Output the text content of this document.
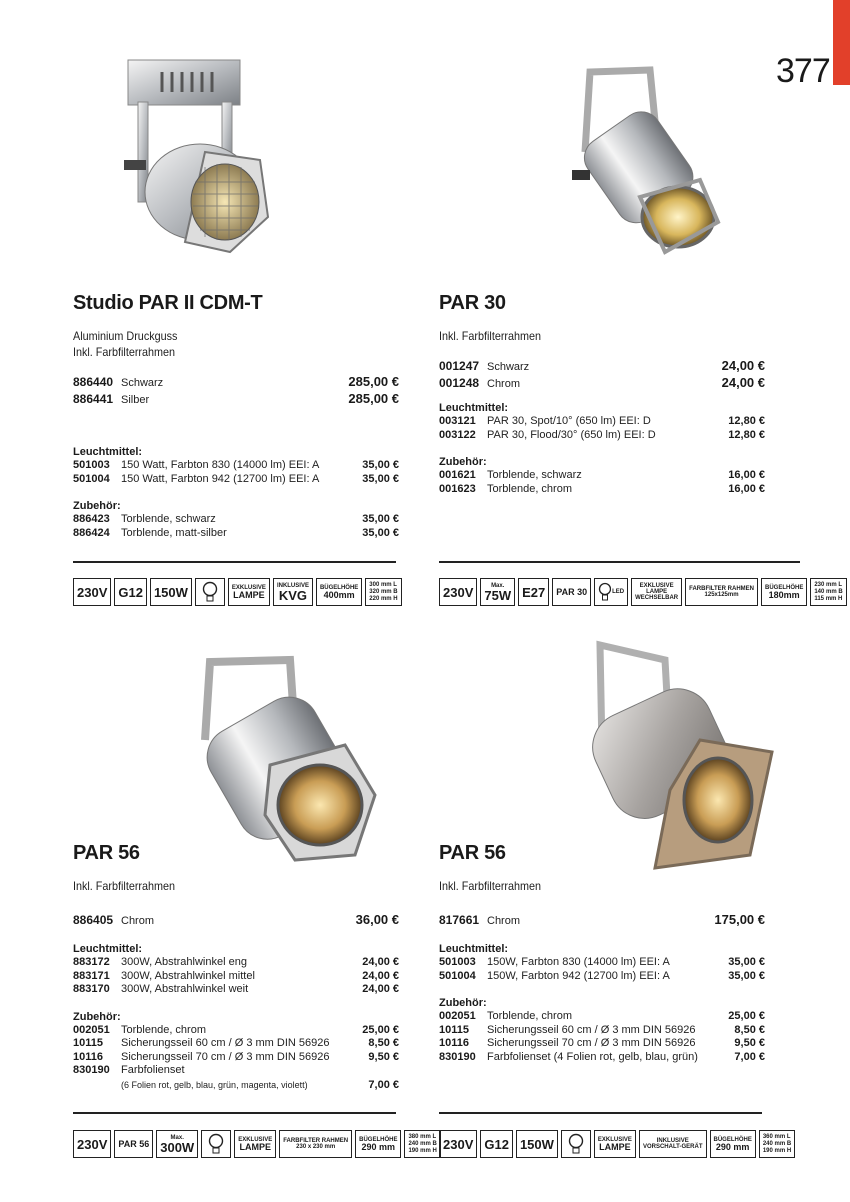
377
Studio PAR II CDM-T
Aluminium Druckguss
Inkl. Farbfilterrahmen
886440 Schwarz	285,00 €
886441 Silber	285,00 €
Leuchtmittel:
501003	150 Watt, Farbton 830 (14000 lm) EEI: A	35,00 €
501004	150 Watt, Farbton 942 (12700 lm) EEI: A	35,00 €
Zubehör:
886423	Torblende, schwarz	35,00 €
886424	Torblende, matt-silber	35,00 €
PAR 30
Inkl. Farbfilterrahmen
001247 Schwarz	24,00 €
001248 Chrom	24,00 €
Leuchtmittel:
003121	PAR 30, Spot/10° (650 lm) EEI: D	12,80 €
003122	PAR 30, Flood/30° (650 lm) EEI: D	12,80 €
Zubehör:
001621	Torblende, schwarz	16,00 €
001623	Torblende, chrom	16,00 €
PAR 56
Inkl. Farbfilterrahmen
886405 Chrom	36,00 €
Leuchtmittel:
883172	300W, Abstrahlwinkel eng	24,00 €
883171	300W, Abstrahlwinkel mittel	24,00 €
883170	300W, Abstrahlwinkel weit	24,00 €
Zubehör:
002051	Torblende, chrom	25,00 €
10115	Sicherungsseil 60 cm / Ø 3 mm DIN 56926	8,50 €
10116	Sicherungsseil 70 cm / Ø 3 mm DIN 56926	9,50 €
830190	Farbfolienset
(6 Folien rot, gelb, blau, grün, magenta, violett)	7,00 €
PAR 56
Inkl. Farbfilterrahmen
817661 Chrom	175,00 €
Leuchtmittel:
501003	150W, Farbton 830 (14000 lm) EEI: A	35,00 €
501004	150W, Farbton 942 (12700 lm) EEI: A	35,00 €
Zubehör:
002051	Torblende, chrom	25,00 €
10115	Sicherungsseil 60 cm / Ø 3 mm DIN 56926	8,50 €
10116	Sicherungsseil 70 cm / Ø 3 mm DIN 56926	9,50 €
830190	Farbfolienset (4 Folien rot, gelb, blau, grün)	7,00 €
230V G12 150W	EXKLUSIVE
LAMPE
INKLUSIVE
KVG BÜGELHÖHE
400mm
300 mm L
320 mm B
220 mm H	230V	Max.
75W E27	PAR 30	LED
EXKLUSIVE
LAMPE
WECHSELBAR
FARBFILTER RAHMEN
125x125mm
BÜGELHÖHE
180mm
230 mm L
140 mm B
115 mm H
230V	PAR 56
Max.
300W	EXKLUSIVE
LAMPE
FARBFILTER RAHMEN
230 x 230 mm
BÜGELHÖHE
290 mm
380 mm L
240 mm B
190 mm H 230V G12 150W	EXKLUSIVE
LAMPE
INKLUSIVE
VORSCHALT-GERÄT
BÜGELHÖHE
290 mm
360 mm L
240 mm B
190 mm H
